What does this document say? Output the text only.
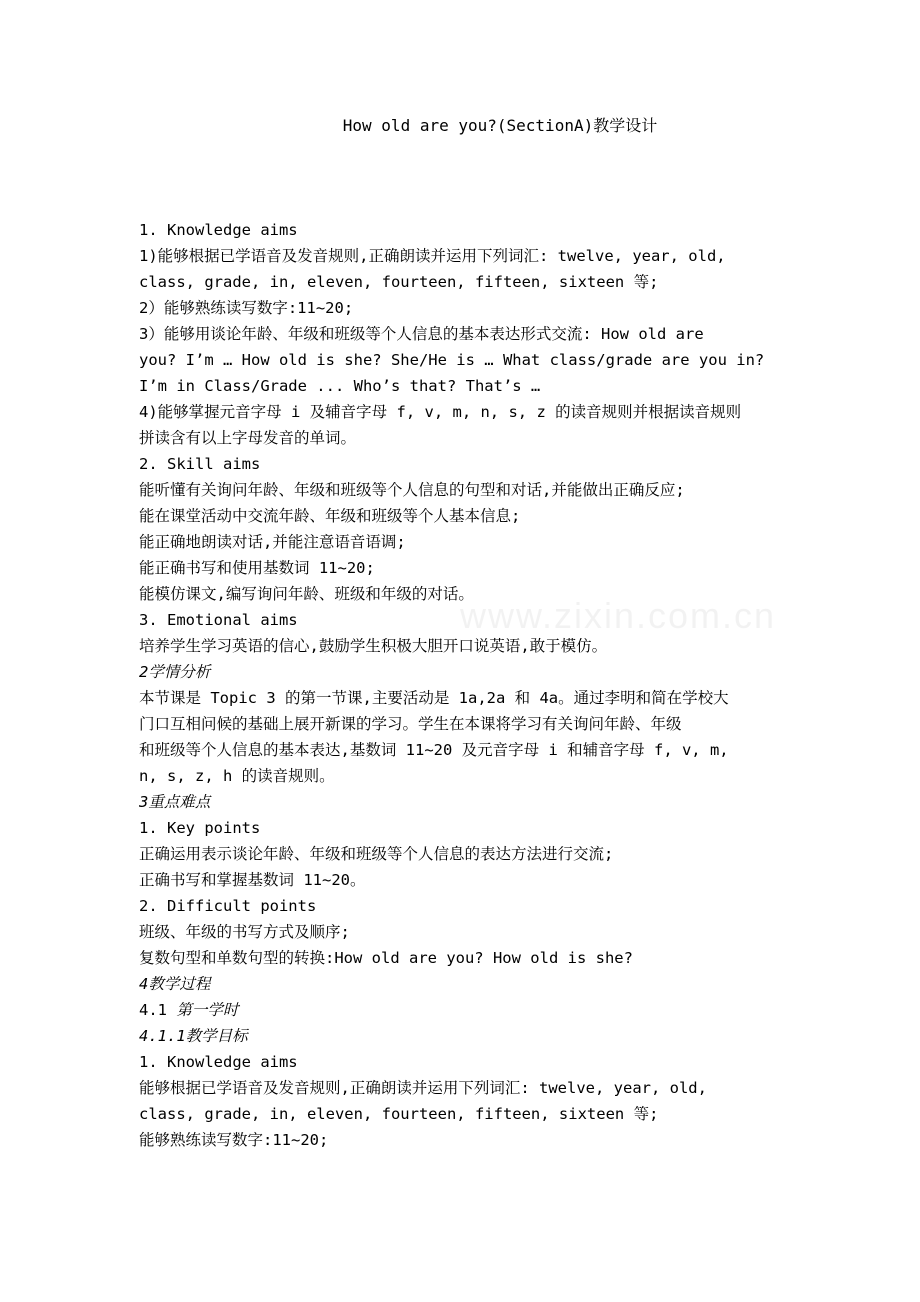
How old are you?(SectionA)教学设计
1. Knowledge aims
1)能够根据已学语音及发音规则,正确朗读并运用下列词汇: twelve, year, old,
class, grade, in, eleven, fourteen, fifteen, sixteen 等;
2）能够熟练读写数字:11~20;
3）能够用谈论年龄、年级和班级等个人信息的基本表达形式交流: How old are
you? I’m … How old is she? She/He is … What class/grade are you in?
I’m in Class/Grade ... Who’s that? That’s …
4)能够掌握元音字母 i 及辅音字母 f, v, m, n, s, z 的读音规则并根据读音规则
拼读含有以上字母发音的单词。
2. Skill aims
能听懂有关询问年龄、年级和班级等个人信息的句型和对话,并能做出正确反应;
能在课堂活动中交流年龄、年级和班级等个人基本信息;
能正确地朗读对话,并能注意语音语调;
能正确书写和使用基数词 11~20;
能模仿课文,编写询问年龄、班级和年级的对话。
3. Emotional aims
培养学生学习英语的信心,鼓励学生积极大胆开口说英语,敢于模仿。
2学情分析
本节课是 Topic 3 的第一节课,主要活动是 1a,2a 和 4a。通过李明和简在学校大
门口互相问候的基础上展开新课的学习。学生在本课将学习有关询问年龄、年级
和班级等个人信息的基本表达,基数词 11~20 及元音字母 i 和辅音字母 f, v, m,
n, s, z, h 的读音规则。
3重点难点
1. Key points
正确运用表示谈论年龄、年级和班级等个人信息的表达方法进行交流;
正确书写和掌握基数词 11~20。
2. Difficult points
班级、年级的书写方式及顺序;
复数句型和单数句型的转换:How old are you? How old is she?
4教学过程
4.1 第一学时
4.1.1教学目标
1. Knowledge aims
能够根据已学语音及发音规则,正确朗读并运用下列词汇: twelve, year, old,
class, grade, in, eleven, fourteen, fifteen, sixteen 等;
能够熟练读写数字:11~20;
www.zixin.com.cn
